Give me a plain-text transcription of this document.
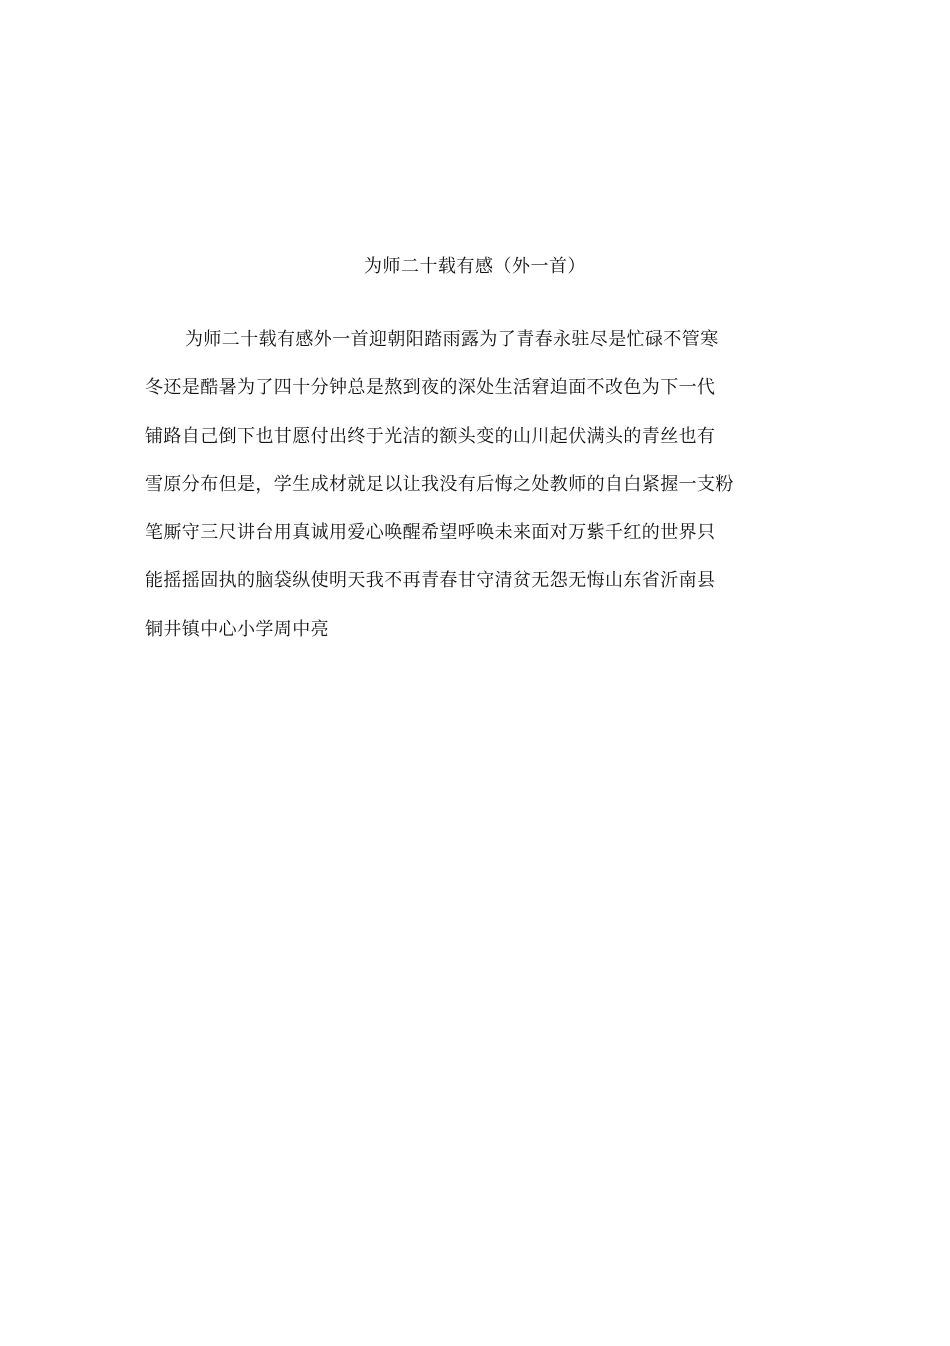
为师二十载有感（外一首）
为师二十载有感外一首迎朝阳踏雨露为了青春永驻尽是忙碌不管寒
冬还是酷暑为了四十分钟总是熬到夜的深处生活窘迫面不改色为下一代
铺路自己倒下也甘愿付出终于光洁的额头变的山川起伏满头的青丝也有
雪原分布但是，学生成材就足以让我没有后悔之处教师的自白紧握一支粉
笔厮守三尺讲台用真诚用爱心唤醒希望呼唤未来面对万紫千红的世界只
能摇摇固执的脑袋纵使明天我不再青春甘守清贫无怨无悔山东省沂南县
铜井镇中心小学周中亮
